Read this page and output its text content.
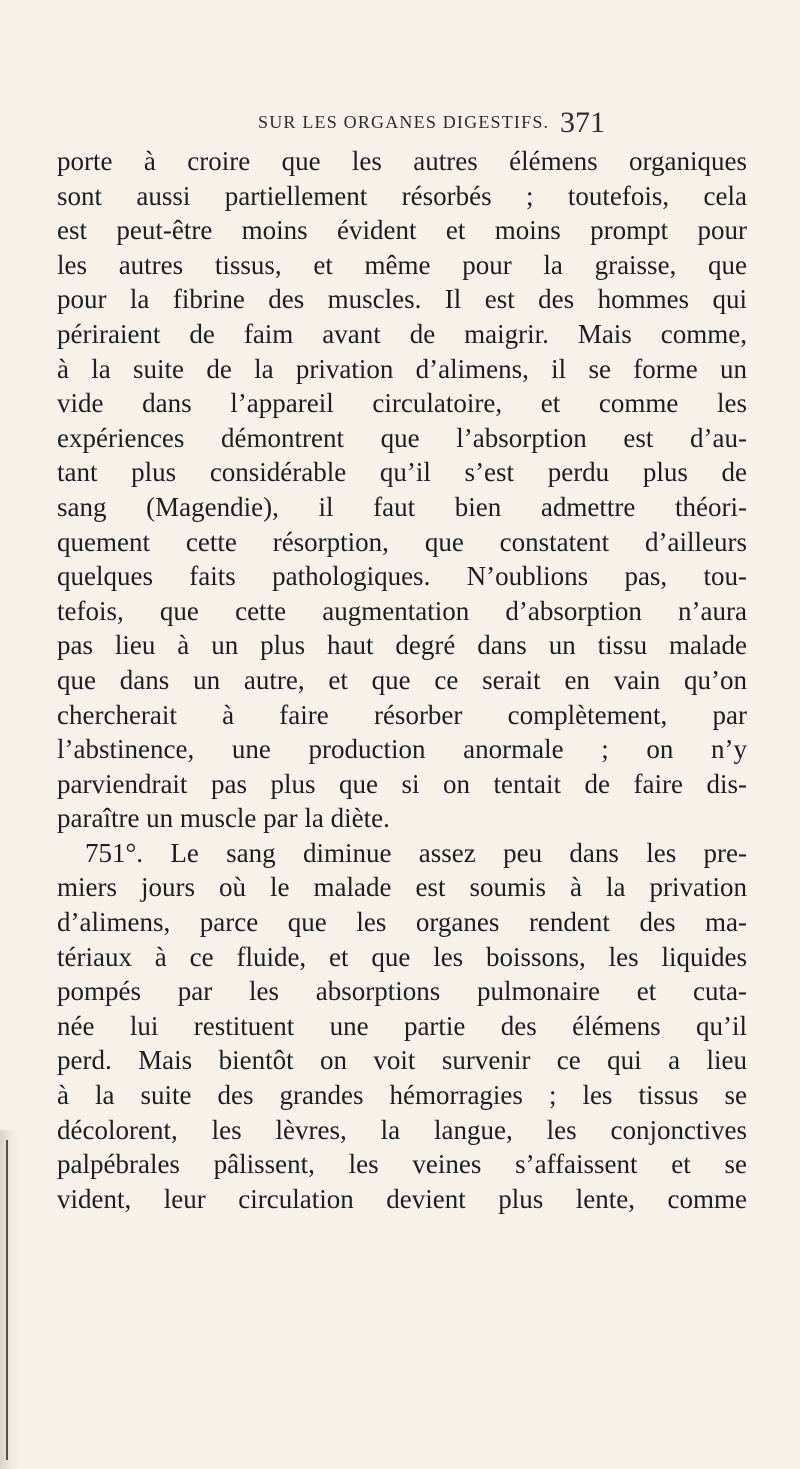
SUR LES ORGANES DIGESTIFS. 371
porte à croire que les autres élémens organiques
sont aussi partiellement résorbés ; toutefois, cela
est peut-être moins évident et moins prompt pour
les autres tissus, et même pour la graisse, que
pour la fibrine des muscles. Il est des hommes qui
périraient de faim avant de maigrir. Mais comme,
à la suite de la privation d’alimens, il se forme un
vide dans l’appareil circulatoire, et comme les
expériences démontrent que l’absorption est d’au-
tant plus considérable qu’il s’est perdu plus de
sang (Magendie), il faut bien admettre théori-
quement cette résorption, que constatent d’ailleurs
quelques faits pathologiques. N’oublions pas, tou-
tefois, que cette augmentation d’absorption n’aura
pas lieu à un plus haut degré dans un tissu malade
que dans un autre, et que ce serait en vain qu’on
chercherait à faire résorber complètement, par
l’abstinence, une production anormale ; on n’y
parviendrait pas plus que si on tentait de faire dis-
paraître un muscle par la diète.
751°. Le sang diminue assez peu dans les pre-
miers jours où le malade est soumis à la privation
d’alimens, parce que les organes rendent des ma-
tériaux à ce fluide, et que les boissons, les liquides
pompés par les absorptions pulmonaire et cuta-
née lui restituent une partie des élémens qu’il
perd. Mais bientôt on voit survenir ce qui a lieu
à la suite des grandes hémorragies ; les tissus se
décolorent, les lèvres, la langue, les conjonctives
palpébrales pâlissent, les veines s’affaissent et se
vident, leur circulation devient plus lente, comme
